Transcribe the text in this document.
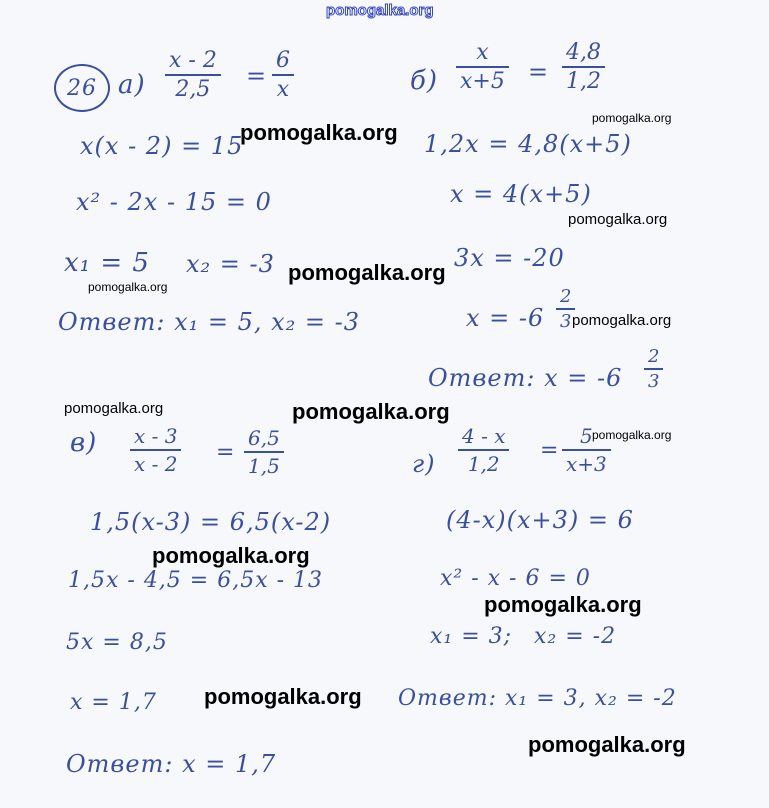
pomogalka.org
26 а)
x - 2
2,5 =
6
x
x(x - 2) = 15
x² - 2x - 15 = 0
x₁ = 5 x₂ = -3
Ответ: x₁ = 5, x₂ = -3
б)
x
x+5 =
4,8
1,2
1,2x = 4,8(x+5)
x = 4(x+5)
3x = -20
x = -6
2
3
Ответ: x = -6
2
3
в) x - 3
x - 2 =
6,5
1,5
1,5(x-3) = 6,5(x-2)
1,5x - 4,5 = 6,5x - 13
5x = 8,5
x = 1,7
Ответ: x = 1,7
г)
4 - x
1,2
=
5
x+3
(4-x)(x+3) = 6
x² - x - 6 = 0
x₁ = 3; x₂ = -2
Ответ: x₁ = 3, x₂ = -2
pomogalka.org
pomogalka.org
pomogalka.org
pomogalka.org
pomogalka.org
pomogalka.org
pomogalka.org	pomogalka.org
pomogalka.org
pomogalka.org
pomogalka.org
pomogalka.org
pomogalka.org
